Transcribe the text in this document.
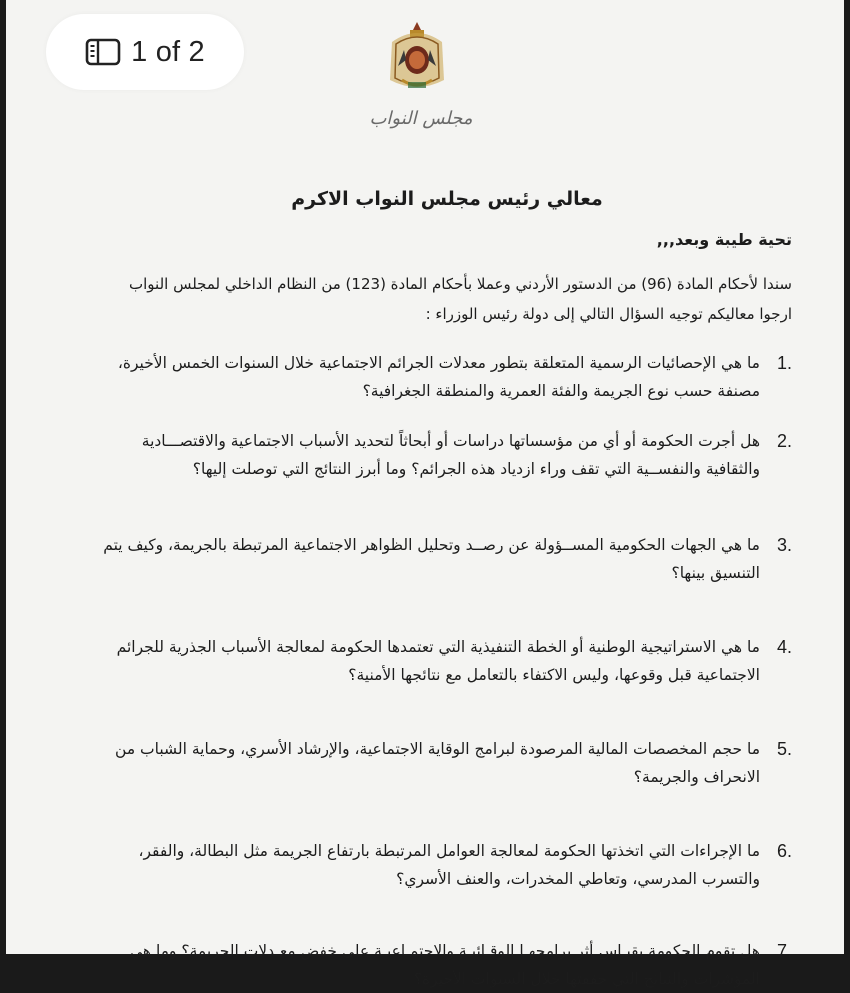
1 of 2
مجلس النواب
معالي رئيس مجلس النواب الاكرم
تحية طيبة وبعد,,,
سندا لأحكام المادة (96) من الدستور الأردني وعملا بأحكام المادة (123) من النظام الداخلي لمجلس النواب ارجوا معاليكم توجيه السؤال التالي إلى دولة رئيس الوزراء :
1.
ما هي الإحصائيات الرسمية المتعلقة بتطور معدلات الجرائم الاجتماعية خلال السنوات الخمس الأخيرة، مصنفة حسب نوع الجريمة والفئة العمرية والمنطقة الجغرافية؟
2.
هل أجرت الحكومة أو أي من مؤسساتها دراسات أو أبحاثاً لتحديد الأسباب الاجتماعية والاقتصـــادية والثقافية والنفســية التي تقف وراء ازدياد هذه الجرائم؟ وما أبرز النتائج التي توصلت إليها؟
3.
ما هي الجهات الحكومية المســؤولة عن رصــد وتحليل الظواهر الاجتماعية المرتبطة بالجريمة، وكيف يتم التنسيق بينها؟
4.
ما هي الاستراتيجية الوطنية أو الخطة التنفيذية التي تعتمدها الحكومة لمعالجة الأسباب الجذرية للجرائم الاجتماعية قبل وقوعها، وليس الاكتفاء بالتعامل مع نتائجها الأمنية؟
5.
ما حجم المخصصات المالية المرصودة لبرامج الوقاية الاجتماعية، والإرشاد الأسري، وحماية الشباب من الانحراف والجريمة؟
6.
ما الإجراءات التي اتخذتها الحكومة لمعالجة العوامل المرتبطة بارتفاع الجريمة مثل البطالة، والفقر، والتسرب المدرسي، وتعاطي المخدرات، والعنف الأسري؟
7.
هل تقوم الحكومة بقيـاس أثر برامجهـا الوقـائيـة والاجتمـاعيـة على خفض معـدلات الجريمة؟ وما هي المؤشرات والنتائج التي حققتها خلال السنوات الأخيرة؟
